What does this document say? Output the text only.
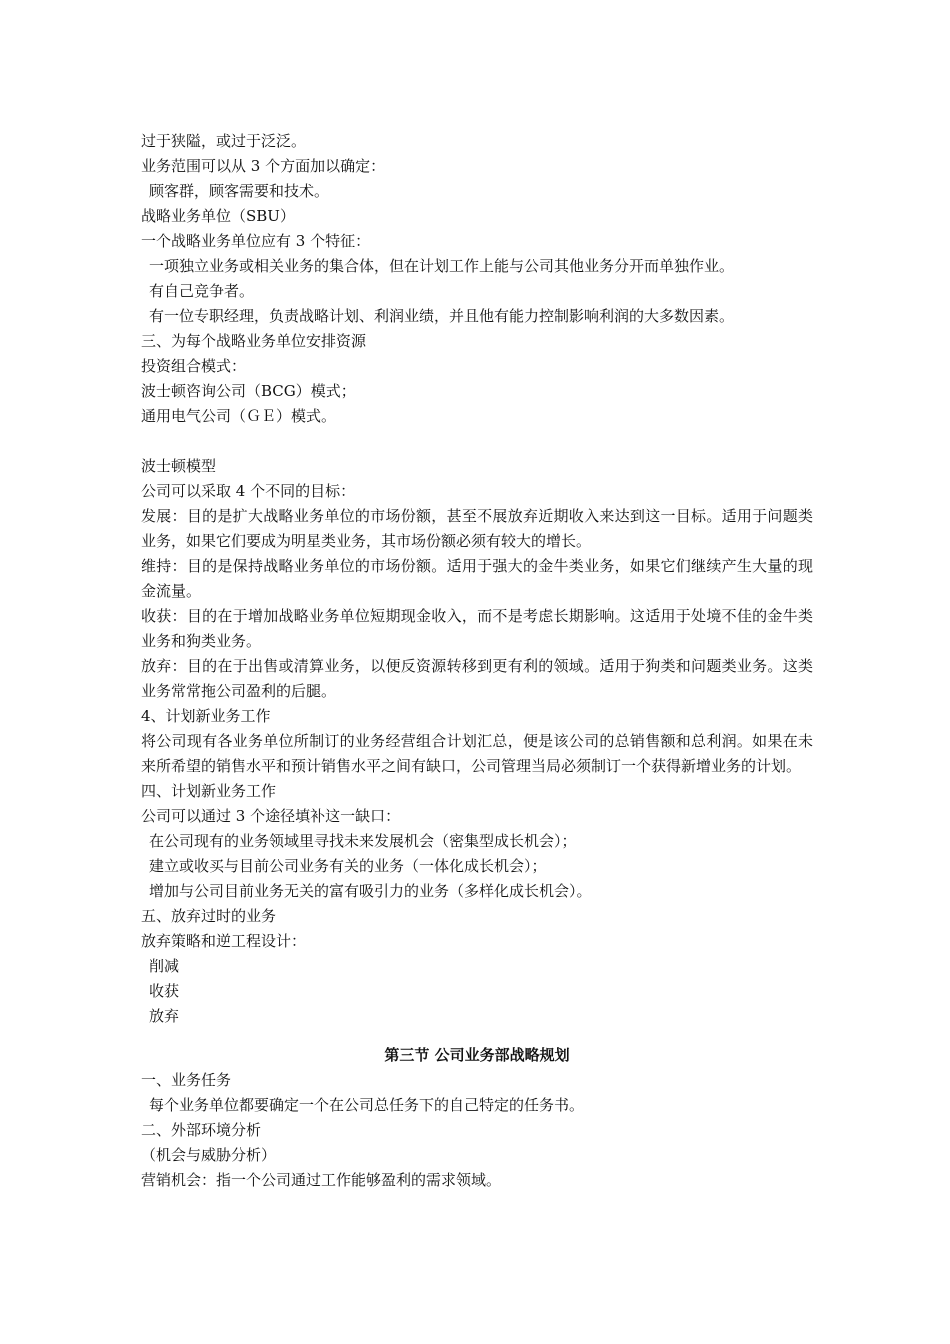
过于狭隘，或过于泛泛。
业务范围可以从 3 个方面加以确定：
顾客群，顾客需要和技术。
战略业务单位（SBU）
一个战略业务单位应有 3 个特征：
一项独立业务或相关业务的集合体，但在计划工作上能与公司其他业务分开而单独作业。
有自己竞争者。
有一位专职经理，负责战略计划、利润业绩，并且他有能力控制影响利润的大多数因素。
三、为每个战略业务单位安排资源
投资组合模式：
波士顿咨询公司（BCG）模式；
通用电气公司（ＧＥ）模式。
波士顿模型
公司可以采取 4 个不同的目标：
发展：目的是扩大战略业务单位的市场份额，甚至不展放弃近期收入来达到这一目标。适用于问题类业务，如果它们要成为明星类业务，其市场份额必须有较大的增长。
维持：目的是保持战略业务单位的市场份额。适用于强大的金牛类业务，如果它们继续产生大量的现金流量。
收获：目的在于增加战略业务单位短期现金收入，而不是考虑长期影响。这适用于处境不佳的金牛类业务和狗类业务。
放弃：目的在于出售或清算业务，以便反资源转移到更有利的领域。适用于狗类和问题类业务。这类业务常常拖公司盈利的后腿。
4、计划新业务工作
将公司现有各业务单位所制订的业务经营组合计划汇总，便是该公司的总销售额和总利润。如果在未来所希望的销售水平和预计销售水平之间有缺口，公司管理当局必须制订一个获得新增业务的计划。
四、计划新业务工作
公司可以通过 3 个途径填补这一缺口：
在公司现有的业务领域里寻找未来发展机会（密集型成长机会）；
建立或收买与目前公司业务有关的业务（一体化成长机会）；
增加与公司目前业务无关的富有吸引力的业务（多样化成长机会）。
五、放弃过时的业务
放弃策略和逆工程设计：
削减
收获
放弃
第三节 公司业务部战略规划
一、业务任务
每个业务单位都要确定一个在公司总任务下的自己特定的任务书。
二、外部环境分析
（机会与威胁分析）
营销机会：指一个公司通过工作能够盈利的需求领域。
